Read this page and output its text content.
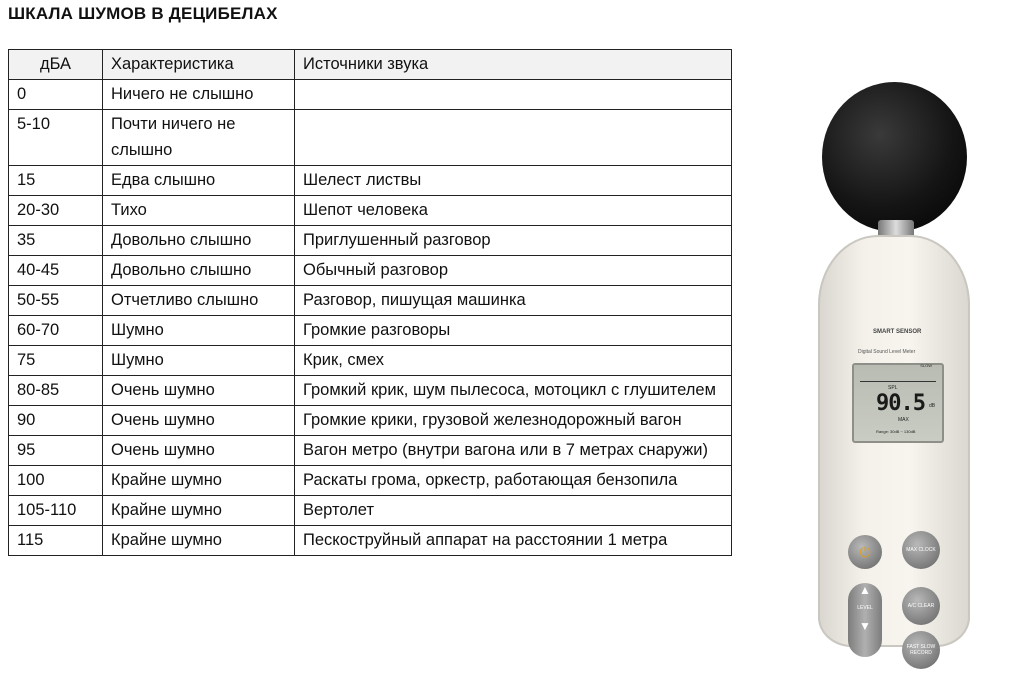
ШКАЛА ШУМОВ В ДЕЦИБЕЛАХ
дБА	Характеристика	Источники звука
0	Ничего не слышно	
5-10	Почти ничего не слышно	
15	Едва слышно	Шелест листвы
20-30	Тихо	Шепот человека
35	Довольно слышно	Приглушенный разговор
40-45	Довольно слышно	Обычный разговор
50-55	Отчетливо слышно	Разговор, пишущая машинка
60-70	Шумно	Громкие разговоры
75	Шумно	Крик, смех
80-85	Очень шумно	Громкий крик, шум пылесоса, мотоцикл с глушителем
90	Очень шумно	Громкие крики, грузовой железнодорожный вагон
95	Очень шумно	Вагон метро (внутри вагона или в 7 метрах снаружи)
100	Крайне шумно	Раскаты грома, оркестр, работающая бензопила
105-110	Крайне шумно	Вертолет
115	Крайне шумно	Пескоструйный аппарат на расстоянии 1 метра
SMART SENSOR
Digital Sound Level Meter
SLOW
SPL
90.5 dB
MAX
Range: 30dB ~ 130dB
⏻	MAX CLOCK
▲
LEVEL
▼
A/C CLEAR
FAST SLOW RECORD
